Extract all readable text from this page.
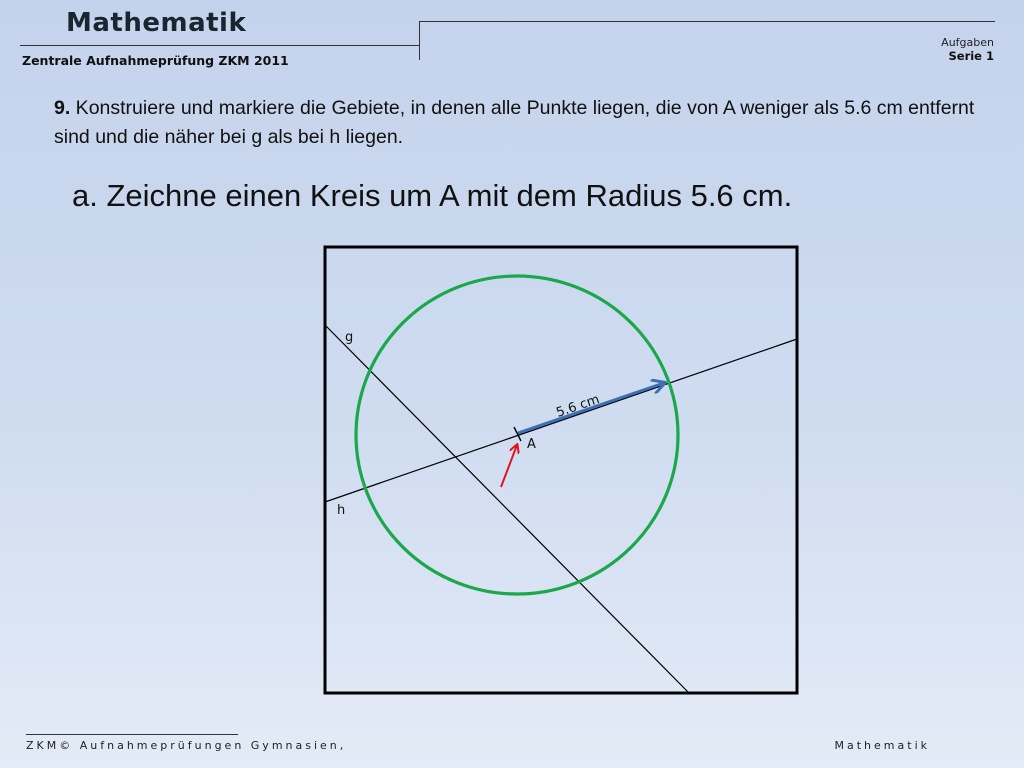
Mathematik
Zentrale Aufnahmeprüfung ZKM 2011
Aufgaben
Serie 1
9. Konstruiere und markiere die Gebiete, in denen alle Punkte liegen, die von A weniger als 5.6 cm entfernt sind und die näher bei g als bei h liegen.
a. Zeichne einen Kreis um A mit dem Radius 5.6 cm.
g
h
A
5.6 cm
ZKM© Aufnahmeprüfungen Gymnasien,	Mathematik
